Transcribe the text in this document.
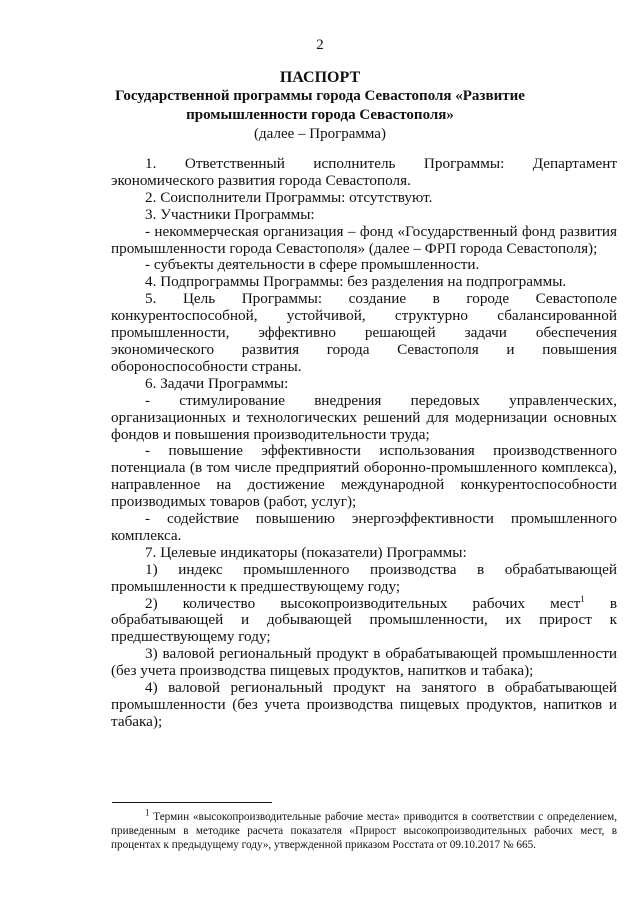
2
ПАСПОРТ
Государственной программы города Севастополя «Развитие промышленности города Севастополя»
(далее – Программа)

1. Ответственный исполнитель Программы: Департамент экономического развития города Севастополя.

2. Соисполнители Программы: отсутствуют.

3. Участники Программы:

- некоммерческая организация – фонд «Государственный фонд развития промышленности города Севастополя» (далее – ФРП города Севастополя);

- субъекты деятельности в сфере промышленности.

4. Подпрограммы Программы: без разделения на подпрограммы.

5. Цель Программы: создание в городе Севастополе конкурентоспособной, устойчивой, структурно сбалансированной промышленности, эффективно решающей задачи обеспечения экономического развития города Севастополя и повышения обороноспособности страны.

6. Задачи Программы:

- стимулирование внедрения передовых управленческих, организационных и технологических решений для модернизации основных фондов и повышения производительности труда;

- повышение эффективности использования производственного потенциала (в том числе предприятий оборонно-промышленного комплекса), направленное на достижение международной конкурентоспособности производимых товаров (работ, услуг);

- содействие повышению энергоэффективности промышленного комплекса.

7. Целевые индикаторы (показатели) Программы:

1) индекс промышленного производства в обрабатывающей промышленности к предшествующему году;

2) количество высокопроизводительных рабочих мест$^1$ в обрабатывающей и добывающей промышленности, их прирост к предшествующему году;

3) валовой региональный продукт в обрабатывающей промышленности (без учета производства пищевых продуктов, напитков и табака);

4) валовой региональный продукт на занятого в обрабатывающей промышленности (без учета производства пищевых продуктов, напитков и табака);

$^1$ Термин «высокопроизводительные рабочие места» приводится в соответствии с определением, приведенным в методике расчета показателя «Прирост высокопроизводительных рабочих мест, в процентах к предыдущему году», утвержденной приказом Росстата от 09.10.2017 № 665.
